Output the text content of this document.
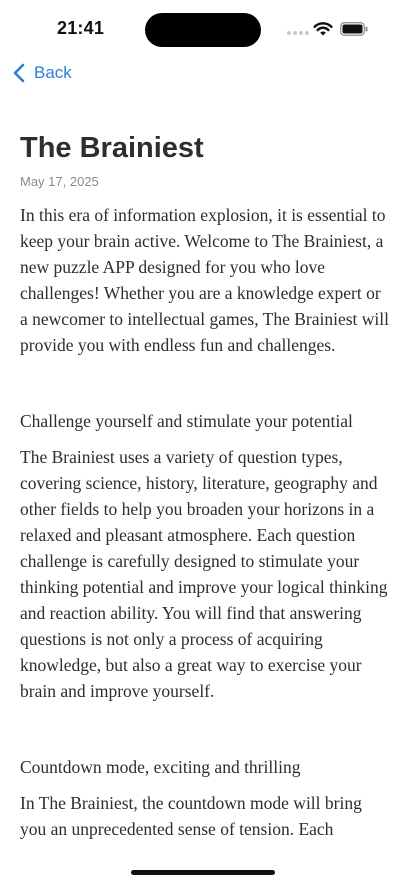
21:41
Back
The Brainiest
May 17, 2025
In this era of information explosion, it is essential to keep your brain active. Welcome to The Brainiest, a new puzzle APP designed for you who love challenges! Whether you are a knowledge expert or a newcomer to intellectual games, The Brainiest will provide you with endless fun and challenges.
Challenge yourself and stimulate your potential
The Brainiest uses a variety of question types, covering science, history, literature, geography and other fields to help you broaden your horizons in a relaxed and pleasant atmosphere. Each question challenge is carefully designed to stimulate your thinking potential and improve your logical thinking and reaction ability. You will find that answering questions is not only a process of acquiring knowledge, but also a great way to exercise your brain and improve yourself.
Countdown mode, exciting and thrilling
In The Brainiest, the countdown mode will bring you an unprecedented sense of tension. Each
